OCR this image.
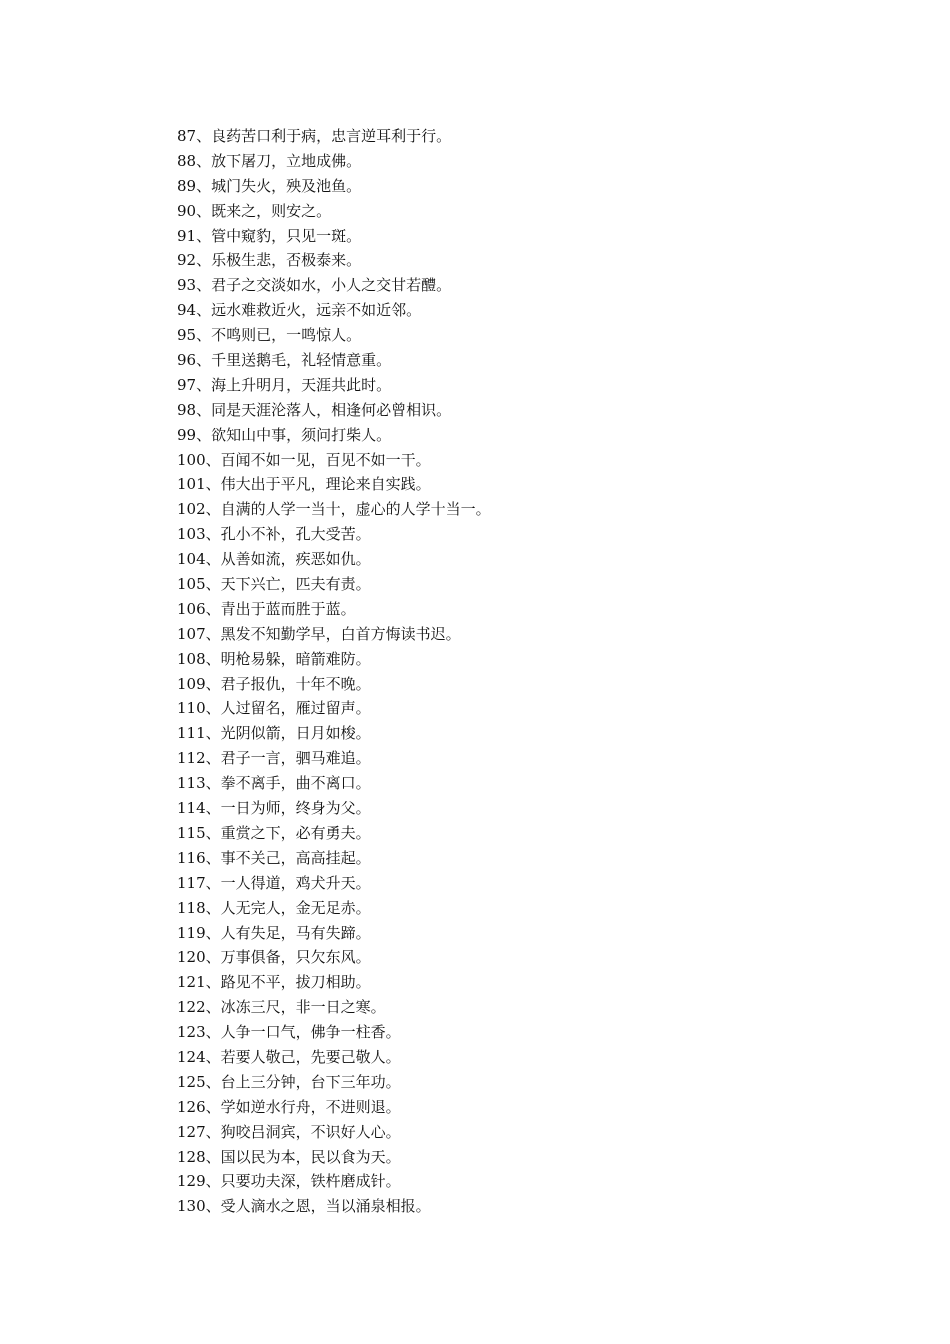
87、良药苦口利于病，忠言逆耳利于行。
88、放下屠刀，立地成佛。
89、城门失火，殃及池鱼。
90、既来之，则安之。
91、管中窥豹，只见一斑。
92、乐极生悲，否极泰来。
93、君子之交淡如水，小人之交甘若醴。
94、远水难救近火，远亲不如近邻。
95、不鸣则已，一鸣惊人。
96、千里送鹅毛，礼轻情意重。
97、海上升明月，天涯共此时。
98、同是天涯沦落人，相逢何必曾相识。
99、欲知山中事，须问打柴人。
100、百闻不如一见，百见不如一干。
101、伟大出于平凡，理论来自实践。
102、自满的人学一当十，虚心的人学十当一。
103、孔小不补，孔大受苦。
104、从善如流，疾恶如仇。
105、天下兴亡，匹夫有责。
106、青出于蓝而胜于蓝。
107、黑发不知勤学早，白首方悔读书迟。
108、明枪易躲，暗箭难防。
109、君子报仇，十年不晚。
110、人过留名，雁过留声。
111、光阴似箭，日月如梭。
112、君子一言，驷马难追。
113、拳不离手，曲不离口。
114、一日为师，终身为父。
115、重赏之下，必有勇夫。
116、事不关己，高高挂起。
117、一人得道，鸡犬升天。
118、人无完人，金无足赤。
119、人有失足，马有失蹄。
120、万事俱备，只欠东风。
121、路见不平，拔刀相助。
122、冰冻三尺，非一日之寒。
123、人争一口气，佛争一柱香。
124、若要人敬己，先要己敬人。
125、台上三分钟，台下三年功。
126、学如逆水行舟，不进则退。
127、狗咬吕洞宾，不识好人心。
128、国以民为本，民以食为天。
129、只要功夫深，铁杵磨成针。
130、受人滴水之恩，当以涌泉相报。
